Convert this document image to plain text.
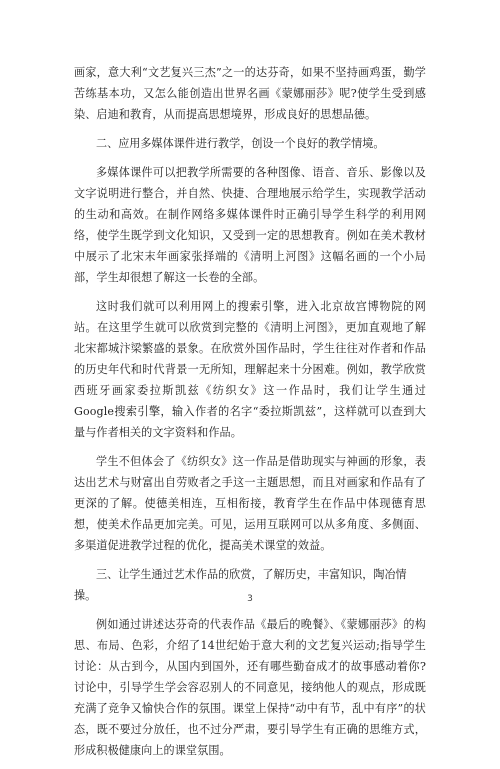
画家，意大利“文艺复兴三杰”之一的达芬奇，如果不坚持画鸡蛋，勤学苦练基本功，又怎么能创造出世界名画《蒙娜丽莎》呢?使学生受到感染、启迪和教育，从而提高思想境界，形成良好的思想品德。

二、应用多媒体课件进行教学，创设一个良好的教学情境。

多媒体课件可以把教学所需要的各种图像、语音、音乐、影像以及文字说明进行整合，并自然、快捷、合理地展示给学生，实现教学活动的生动和高效。在制作网络多媒体课件时正确引导学生科学的利用网络，使学生既学到文化知识，又受到一定的思想教育。例如在美术教材中展示了北宋末年画家张择端的《清明上河图》这幅名画的一个小局部，学生却很想了解这一长卷的全部。

这时我们就可以利用网上的搜索引擎，进入北京故宫博物院的网站。在这里学生就可以欣赏到完整的《清明上河图》，更加直观地了解北宋都城汴梁繁盛的景象。在欣赏外国作品时，学生往往对作者和作品的历史年代和时代背景一无所知，理解起来十分困难。例如，教学欣赏西班牙画家委拉斯凯兹《纺织女》这一作品时，我们让学生通过Google搜索引擎，输入作者的名字“委拉斯凯兹”，这样就可以查到大量与作者相关的文字资料和作品。

学生不但体会了《纺织女》这一作品是借助现实与神画的形象，表达出艺术与财富出自劳败者之手这一主题思想，而且对画家和作品有了更深的了解。使德美相连，互相衔接，教育学生在作品中体现德育思想，使美术作品更加完美。可见，运用互联网可以从多角度、多侧面、多渠道促进教学过程的优化，提高美术课堂的效益。

三、让学生通过艺术作品的欣赏，了解历史，丰富知识，陶冶情操。

例如通过讲述达芬奇的代表作品《最后的晚餐》、《蒙娜丽莎》的构思、布局、色彩，介绍了14世纪始于意大利的文艺复兴运动;指导学生讨论：从古到今，从国内到国外，还有哪些勤奋成才的故事感动着你?讨论中，引导学生学会容忍别人的不同意见，接纳他人的观点，形成既充满了竞争又愉快合作的氛围。课堂上保持“动中有节，乱中有序”的状态，既不要过分放任，也不过分严肃，要引导学生有正确的思维方式，形成积极健康向上的课堂氛围。

3
